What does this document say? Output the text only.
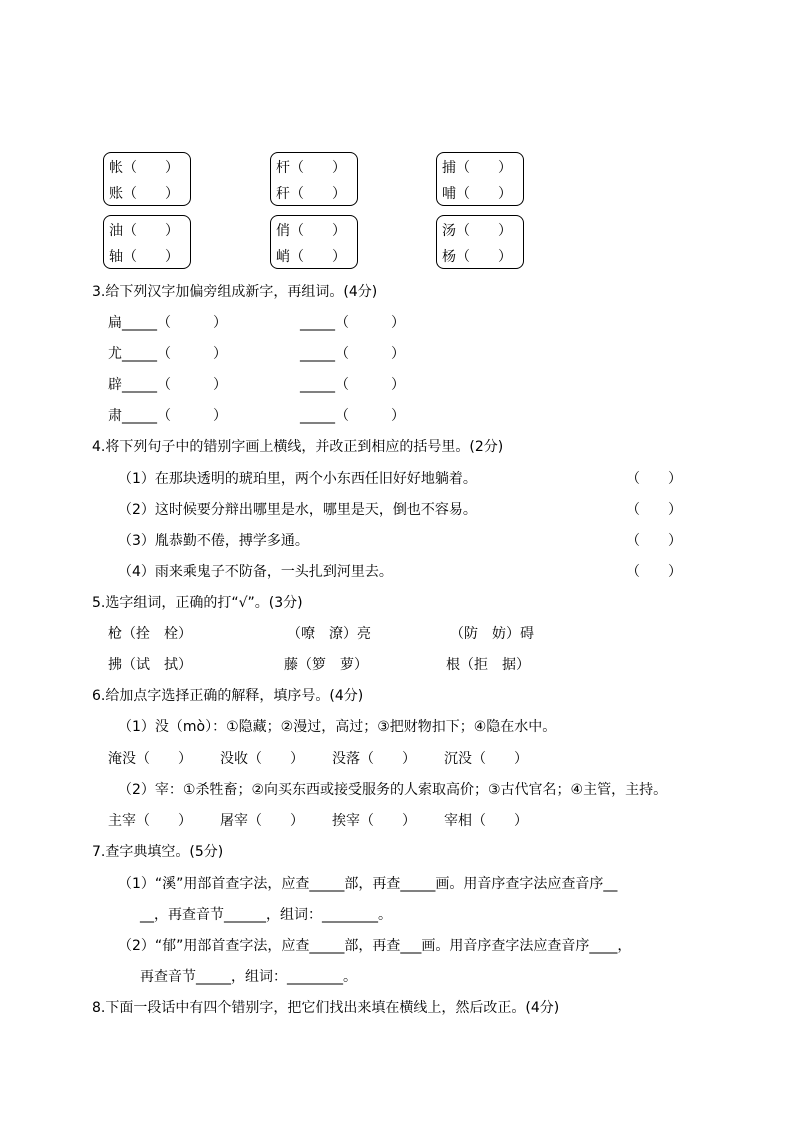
帐（　　）
账（　　）
杆（　　）
秆（　　）
捕（　　）
哺（　　）
油（　　）
轴（　　）
俏（　　）
峭（　　）
汤（　　）
杨（　　）
3.给下列汉字加偏旁组成新字，再组词。(4分)
扁_____（　　　）	_____（　　　）
尤_____（　　　）	_____（　　　）
辟_____（　　　）	_____（　　　）
肃_____（　　　）	_____（　　　）
4.将下列句子中的错别字画上横线，并改正到相应的括号里。(2分)
（1）在那块透明的琥珀里，两个小东西任旧好好地躺着。	（　　）
（2）这时候要分辩出哪里是水，哪里是天，倒也不容易。	（　　）
（3）胤恭勤不倦，搏学多通。	（　　）
（4）雨来乘鬼子不防备，一头扎到河里去。	（　　）
5.选字组词，正确的打“√”。(3分)
枪（拴　栓）	（嘹　潦）亮	（防　妨）碍
拂（试　拭）	藤（箩　萝）	根（拒　据）
6.给加点字选择正确的解释，填序号。(4分)
（1）没（mò）：①隐藏；②漫过，高过；③把财物扣下；④隐在水中。
淹没（　　） 没收（　　） 没落（　　） 沉没（　　）
（2）宰：①杀牲畜；②向买东西或接受服务的人索取高价；③古代官名；④主管，主持。
主宰（　　） 屠宰（　　） 挨宰（　　） 宰相（　　）
7.查字典填空。(5分)
（1）“溪”用部首查字法，应查_____部，再查_____画。用音序查字法应查音序__
__，再查音节______，组词：________。
（2）“郁”用部首查字法，应查_____部，再查___画。用音序查字法应查音序____，
再查音节_____，组词：________。
8.下面一段话中有四个错别字，把它们找出来填在横线上，然后改正。(4分)
